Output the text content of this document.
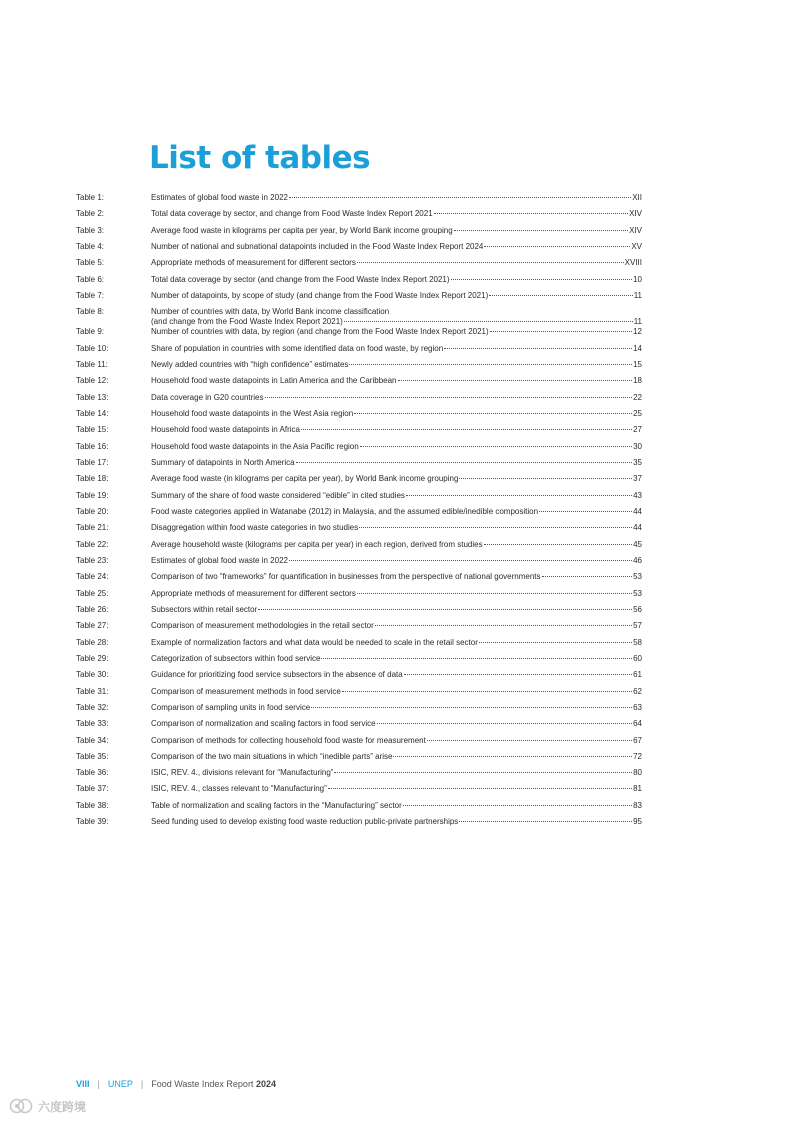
List of tables
Table 1:	Estimates of global food waste in 2022	XII
Table 2:	Total data coverage by sector, and change from Food Waste Index Report 2021	XIV
Table 3:	Average food waste in kilograms per capita per year, by World Bank income grouping	XIV
Table 4:	Number of national and subnational datapoints included in the Food Waste Index Report 2024	XV
Table 5:	Appropriate methods of measurement for different sectors	XVIII
Table 6:	Total data coverage by sector (and change from the Food Waste Index Report 2021)	10
Table 7:	Number of datapoints, by scope of study (and change from the Food Waste Index Report 2021)	11
Table 8:	Number of countries with data, by World Bank income classification
(and change from the Food Waste Index Report 2021)	11
Table 9:	Number of countries with data, by region (and change from the Food Waste Index Report 2021)	12
Table 10:	Share of population in countries with some identified data on food waste, by region	14
Table 11:	Newly added countries with “high confidence” estimates	15
Table 12:	Household food waste datapoints in Latin America and the Caribbean	18
Table 13:	Data coverage in G20 countries	22
Table 14:	Household food waste datapoints in the West Asia region	25
Table 15:	Household food waste datapoints in Africa	27
Table 16:	Household food waste datapoints in the Asia Pacific region	30
Table 17:	Summary of datapoints in North America	35
Table 18:	Average food waste (in kilograms per capita per year), by World Bank income grouping	37
Table 19:	Summary of the share of food waste considered “edible” in cited studies	43
Table 20:	Food waste categories applied in Watanabe (2012) in Malaysia, and the assumed edible/inedible composition	44
Table 21:	Disaggregation within food waste categories in two studies	44
Table 22:	Average household waste (kilograms per capita per year) in each region, derived from studies	45
Table 23:	Estimates of global food waste in 2022	46
Table 24:	Comparison of two “frameworks” for quantification in businesses from the perspective of national governments	53
Table 25:	Appropriate methods of measurement for different sectors	53
Table 26:	Subsectors within retail sector	56
Table 27:	Comparison of measurement methodologies in the retail sector	57
Table 28:	Example of normalization factors and what data would be needed to scale in the retail sector	58
Table 29:	Categorization of subsectors within food service	60
Table 30:	Guidance for prioritizing food service subsectors in the absence of data	61
Table 31:	Comparison of measurement methods in food service	62
Table 32:	Comparison of sampling units in food service	63
Table 33:	Comparison of normalization and scaling factors in food service	64
Table 34:	Comparison of methods for collecting household food waste for measurement	67
Table 35:	Comparison of the two main situations in which “inedible parts” arise	72
Table 36:	ISIC, REV. 4., divisions relevant for “Manufacturing”	80
Table 37:	ISIC, REV. 4., classes relevant to “Manufacturing”	81
Table 38:	Table of normalization and scaling factors in the “Manufacturing” sector	83
Table 39:	Seed funding used to develop existing food waste reduction public-private partnerships	95
VIII | UNEP | Food Waste Index Report 2024
六度跨境
